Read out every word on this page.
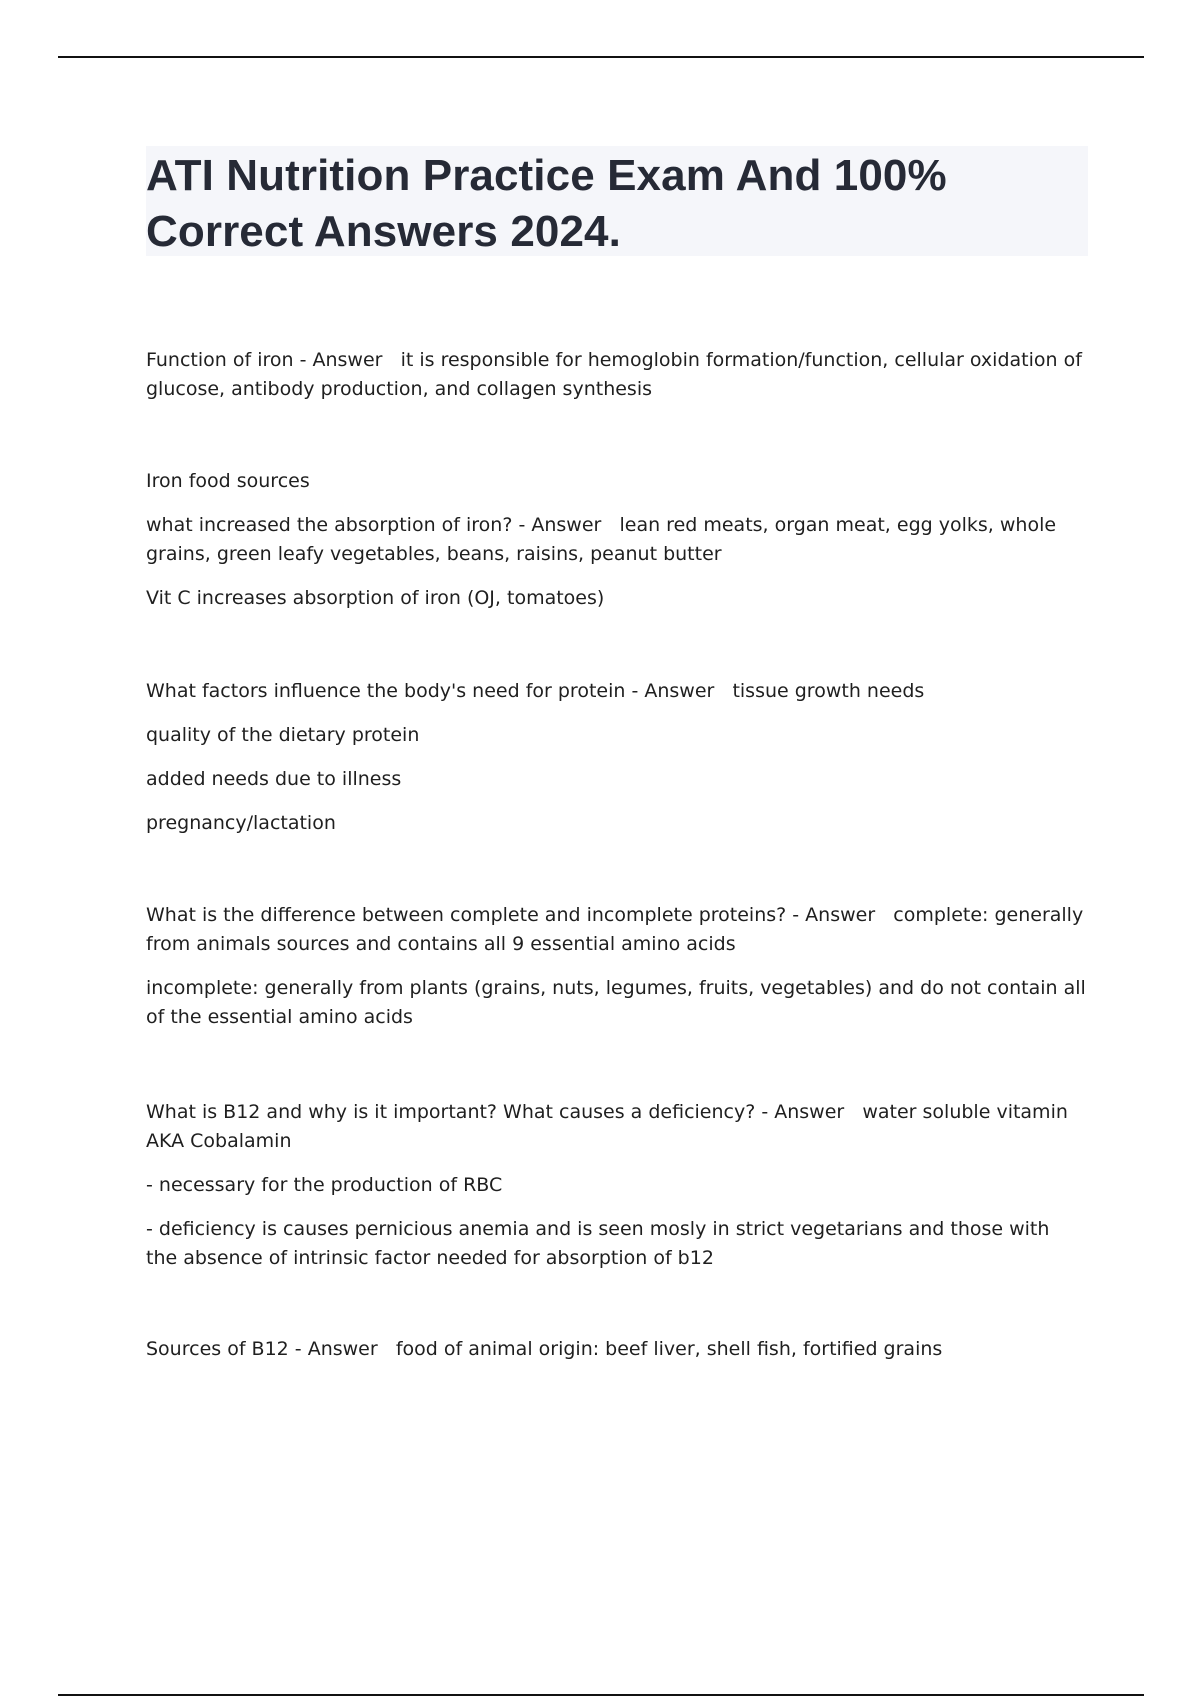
ATI Nutrition Practice Exam And 100% Correct Answers 2024.

Function of iron - Answer   it is responsible for hemoglobin formation/function, cellular oxidation of glucose, antibody production, and collagen synthesis

Iron food sources

what increased the absorption of iron? - Answer   lean red meats, organ meat, egg yolks, whole grains, green leafy vegetables, beans, raisins, peanut butter

Vit C increases absorption of iron (OJ, tomatoes)

What factors influence the body's need for protein - Answer   tissue growth needs

quality of the dietary protein

added needs due to illness

pregnancy/lactation

What is the difference between complete and incomplete proteins? - Answer   complete: generally from animals sources and contains all 9 essential amino acids

incomplete: generally from plants (grains, nuts, legumes, fruits, vegetables) and do not contain all of the essential amino acids

What is B12 and why is it important? What causes a deficiency? - Answer   water soluble vitamin AKA Cobalamin

- necessary for the production of RBC

- deficiency is causes pernicious anemia and is seen mosly in strict vegetarians and those with the absence of intrinsic factor needed for absorption of b12

Sources of B12 - Answer   food of animal origin: beef liver, shell fish, fortified grains
